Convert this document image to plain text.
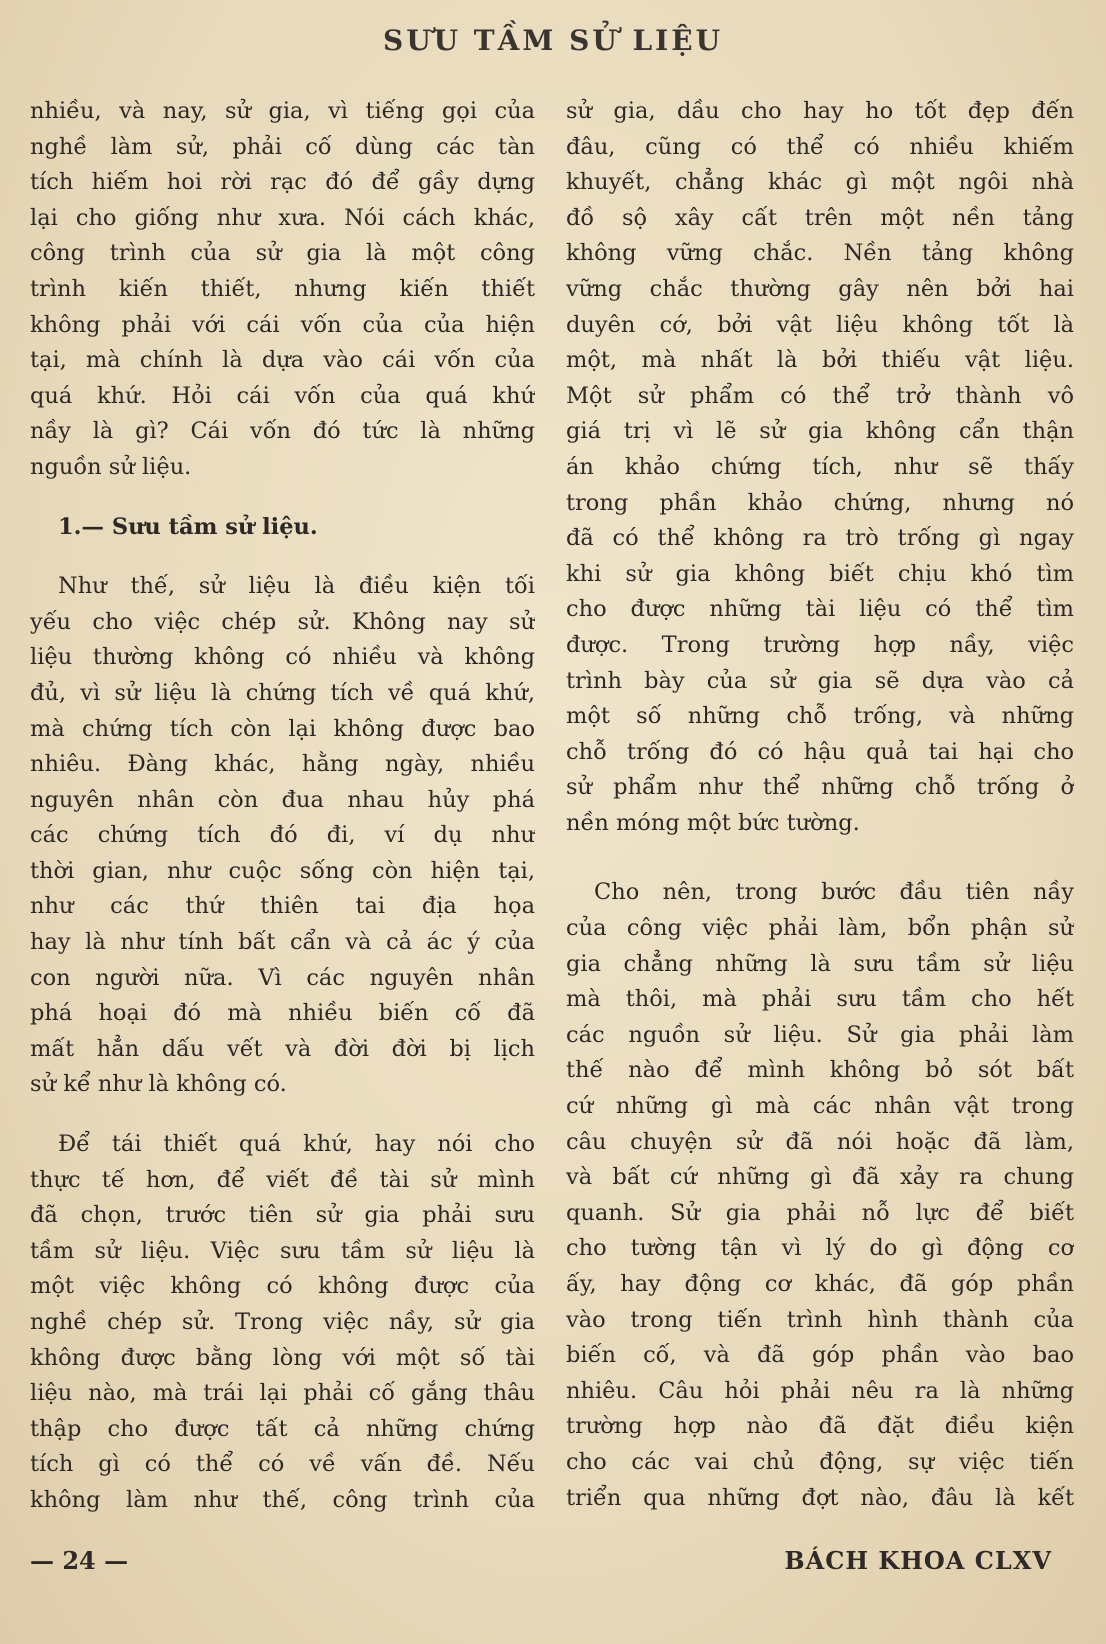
SƯU TẦM SỬ LIỆU
nhiều, và nay, sử gia, vì tiếng gọi của
nghề làm sử, phải cố dùng các tàn
tích hiếm hoi rời rạc đó để gầy dựng
lại cho giống như xưa. Nói cách khác,
công trình của sử gia là một công
trình kiến thiết, nhưng kiến thiết
không phải với cái vốn của của hiện
tại, mà chính là dựa vào cái vốn của
quá khứ. Hỏi cái vốn của quá khứ
nầy là gì? Cái vốn đó tức là những
nguồn sử liệu.
1.— Sưu tầm sử liệu.
Như thế, sử liệu là điều kiện tối
yếu cho việc chép sử. Không nay sử
liệu thường không có nhiều và không
đủ, vì sử liệu là chứng tích về quá khứ,
mà chứng tích còn lại không được bao
nhiêu. Đàng khác, hằng ngày, nhiều
nguyên nhân còn đua nhau hủy phá
các chứng tích đó đi, ví dụ như
thời gian, như cuộc sống còn hiện tại,
như các thứ thiên tai địa họa
hay là như tính bất cẩn và cả ác ý của
con người nữa. Vì các nguyên nhân
phá hoại đó mà nhiều biến cố đã
mất hẳn dấu vết và đời đời bị lịch
sử kể như là không có.
Để tái thiết quá khứ, hay nói cho
thực tế hơn, để viết đề tài sử mình
đã chọn, trước tiên sử gia phải sưu
tầm sử liệu. Việc sưu tầm sử liệu là
một việc không có không được của
nghề chép sử. Trong việc nầy, sử gia
không được bằng lòng với một số tài
liệu nào, mà trái lại phải cố gắng thâu
thập cho được tất cả những chứng
tích gì có thể có về vấn đề. Nếu
không làm như thế, công trình của
sử gia, dầu cho hay ho tốt đẹp đến
đâu, cũng có thể có nhiều khiếm
khuyết, chẳng khác gì một ngôi nhà
đồ sộ xây cất trên một nền tảng
không vững chắc. Nền tảng không
vững chắc thường gây nên bởi hai
duyên cớ, bởi vật liệu không tốt là
một, mà nhất là bởi thiếu vật liệu.
Một sử phẩm có thể trở thành vô
giá trị vì lẽ sử gia không cẩn thận
án khảo chứng tích, như sẽ thấy
trong phần khảo chứng, nhưng nó
đã có thể không ra trò trống gì ngay
khi sử gia không biết chịu khó tìm
cho được những tài liệu có thể tìm
được. Trong trường hợp nầy, việc
trình bày của sử gia sẽ dựa vào cả
một số những chỗ trống, và những
chỗ trống đó có hậu quả tai hại cho
sử phẩm như thể những chỗ trống ở
nền móng một bức tường.
Cho nên, trong bước đầu tiên nầy
của công việc phải làm, bổn phận sử
gia chẳng những là sưu tầm sử liệu
mà thôi, mà phải sưu tầm cho hết
các nguồn sử liệu. Sử gia phải làm
thế nào để mình không bỏ sót bất
cứ những gì mà các nhân vật trong
câu chuyện sử đã nói hoặc đã làm,
và bất cứ những gì đã xảy ra chung
quanh. Sử gia phải nỗ lực để biết
cho tường tận vì lý do gì động cơ
ấy, hay động cơ khác, đã góp phần
vào trong tiến trình hình thành của
biến cố, và đã góp phần vào bao
nhiêu. Câu hỏi phải nêu ra là những
trường hợp nào đã đặt điều kiện
cho các vai chủ động, sự việc tiến
triển qua những đợt nào, đâu là kết
— 24 —	BÁCH KHOA CLXV
